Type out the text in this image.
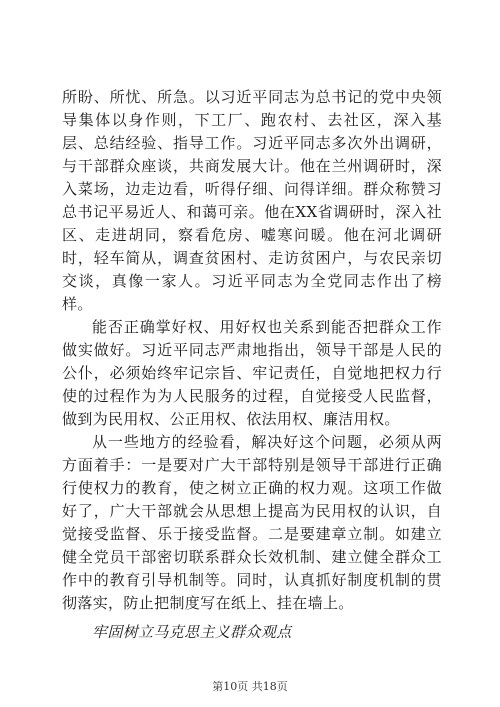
所盼、所忧、所急。以习近平同志为总书记的党中央领导集体以身作则，下工厂、跑农村、去社区，深入基层、总结经验、指导工作。习近平同志多次外出调研，与干部群众座谈，共商发展大计。他在兰州调研时，深入菜场，边走边看，听得仔细、问得详细。群众称赞习总书记平易近人、和蔼可亲。他在XX省调研时，深入社区、走进胡同，察看危房、嘘寒问暖。他在河北调研时，轻车简从，调查贫困村、走访贫困户，与农民亲切交谈，真像一家人。习近平同志为全党同志作出了榜样。

能否正确掌好权、用好权也关系到能否把群众工作做实做好。习近平同志严肃地指出，领导干部是人民的公仆，必须始终牢记宗旨、牢记责任，自觉地把权力行使的过程作为为人民服务的过程，自觉接受人民监督，做到为民用权、公正用权、依法用权、廉洁用权。

从一些地方的经验看，解决好这个问题，必须从两方面着手：一是要对广大干部特别是领导干部进行正确行使权力的教育，使之树立正确的权力观。这项工作做好了，广大干部就会从思想上提高为民用权的认识，自觉接受监督、乐于接受监督。二是要建章立制。如建立健全党员干部密切联系群众长效机制、建立健全群众工作中的教育引导机制等。同时，认真抓好制度机制的贯彻落实，防止把制度写在纸上、挂在墙上。

牢固树立马克思主义群众观点

第10页 共18页
